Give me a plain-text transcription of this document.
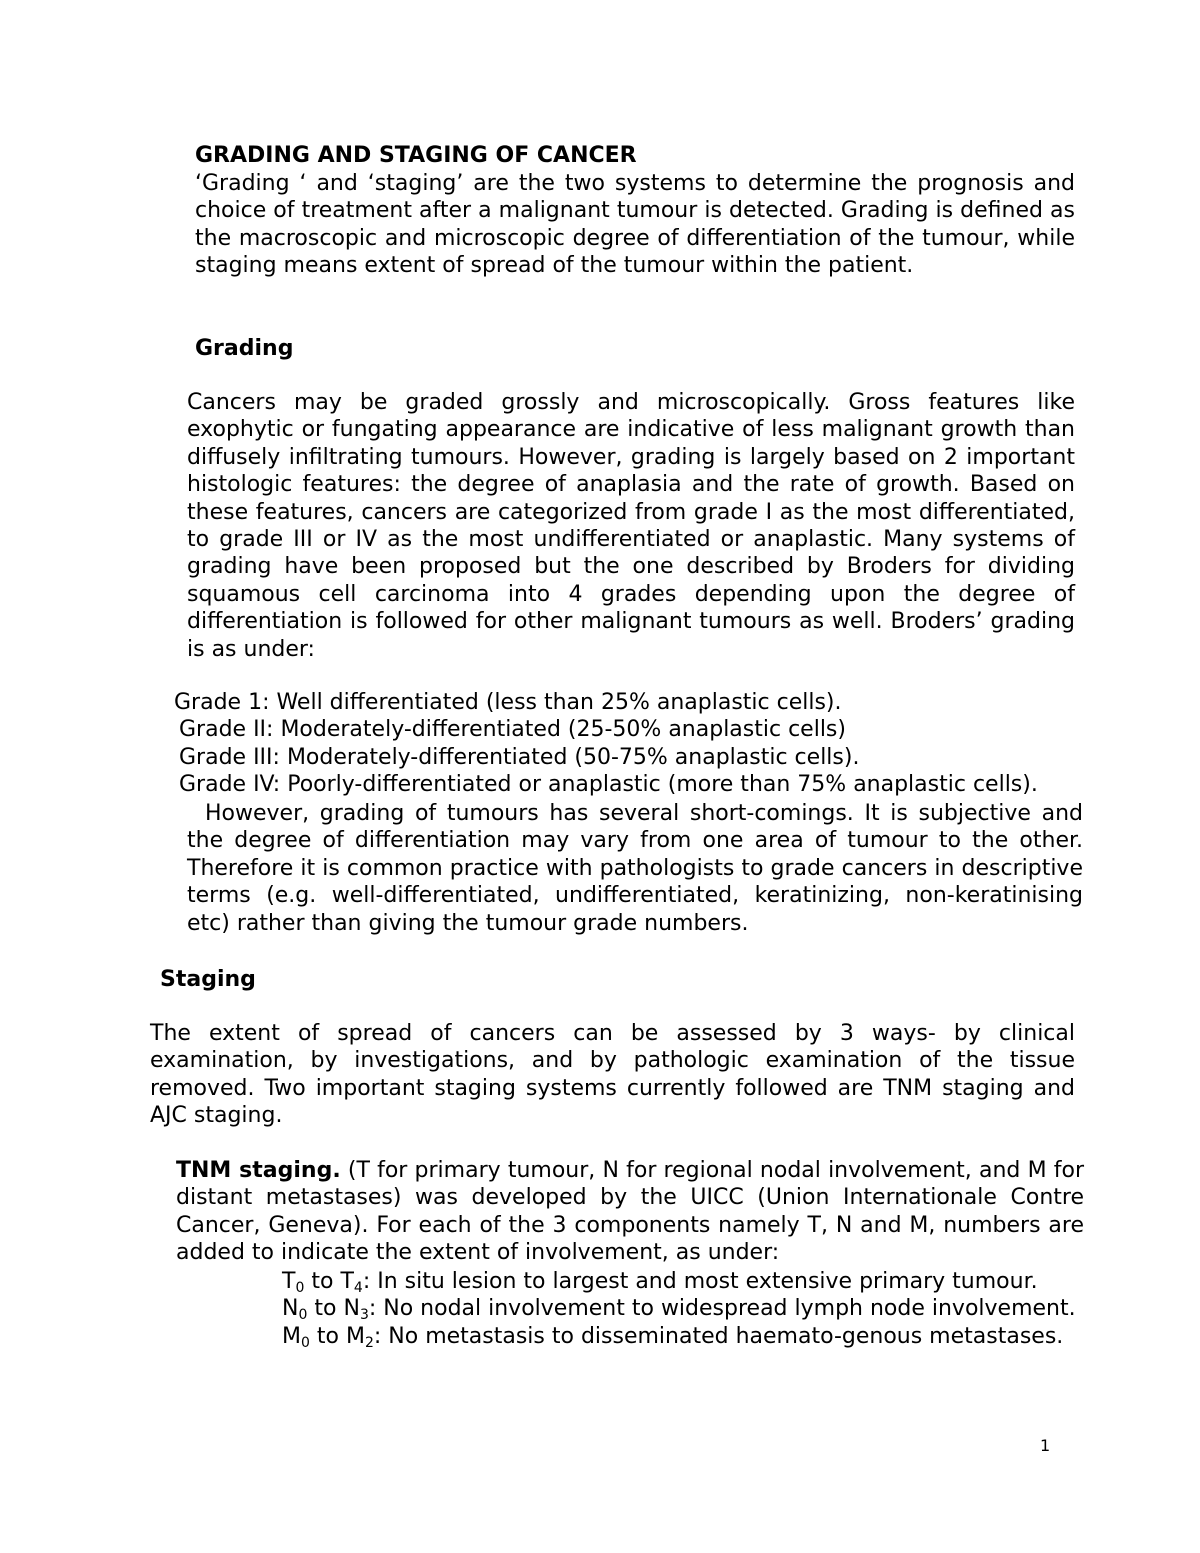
GRADING AND STAGING OF CANCER
‘Grading ‘ and ‘staging’ are the two systems to determine the prognosis and choice of treatment after a malignant tumour is detected. Grading is defined as the macroscopic and microscopic degree of differentiation of the tumour, while staging means extent of spread of the tumour within the patient.
Grading
Cancers may be graded grossly and microscopically. Gross features like exophytic or fungating appearance are indicative of less malignant growth than diffusely infiltrating tumours. However, grading is largely based on 2 important histologic features: the degree of anaplasia and the rate of growth. Based on these features, cancers are categorized from grade I as the most differentiated, to grade III or IV as the most undifferentiated or anaplastic. Many systems of grading have been proposed but the one described by Broders for dividing squamous cell carcinoma into 4 grades depending upon the degree of differentiation is followed for other malignant tumours as well. Broders’ grading is as under:
Grade 1: Well differentiated (less than 25% anaplastic cells).
Grade II: Moderately-differentiated (25-50% anaplastic cells)
Grade III: Moderately-differentiated (50-75% anaplastic cells).
Grade IV: Poorly-differentiated or anaplastic (more than 75% anaplastic cells).
However, grading of tumours has several short-comings. It is subjective and the degree of differentiation may vary from one area of tumour to the other. Therefore it is common practice with pathologists to grade cancers in descriptive terms (e.g. well-differentiated, undifferentiated, keratinizing, non-keratinising etc) rather than giving the tumour grade numbers.
Staging
The extent of spread of cancers can be assessed by 3 ways- by clinical examination, by investigations, and by pathologic examination of the tissue removed. Two important staging systems currently followed are TNM staging and AJC staging.
TNM staging. (T for primary tumour, N for regional nodal involvement, and M for distant metastases) was developed by the UICC (Union Internationale Contre Cancer, Geneva). For each of the 3 components namely T, N and M, numbers are added to indicate the extent of involvement, as under:
$T_0$ to $T_4$: In situ lesion to largest and most extensive primary tumour.
$N_0$ to $N_3$: No nodal involvement to widespread lymph node involvement.
$M_0$ to $M_2$: No metastasis to disseminated haemato-genous metastases.
1
